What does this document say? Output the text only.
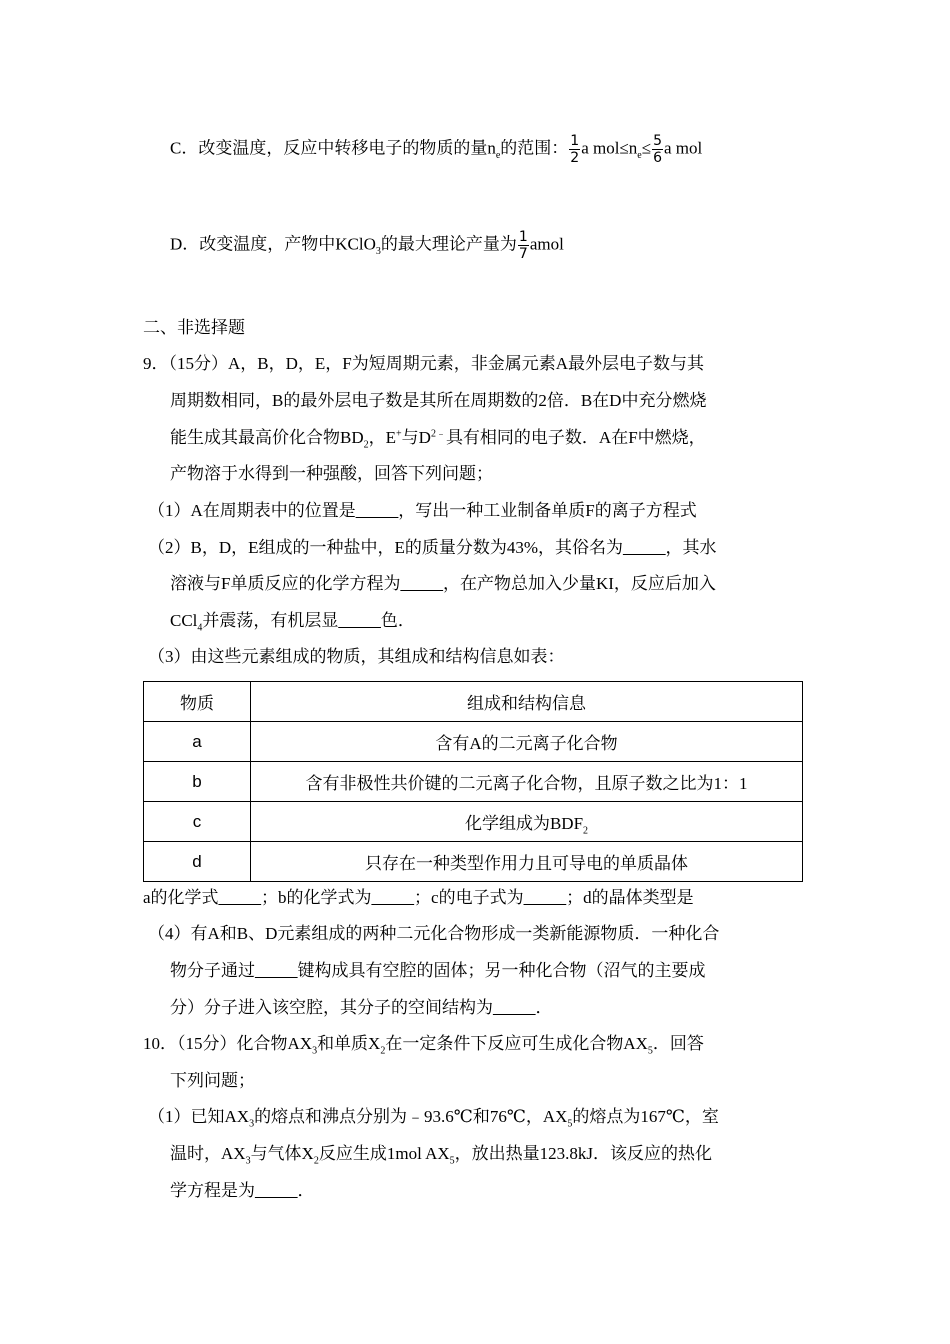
C．改变温度，反应中转移电子的物质的量$n_e$的范围： $\frac{1}{2}$ a $mol\le n_e\le \frac{5}{6}$ a mol
D．改变温度，产物中KClO$_3$的最大理论产量为 $\frac{1}{7}$ amol
二、非选择题
9．（15分）A，B，D，E，F为短周期元素，非金属元素A最外层电子数与其
周期数相同，B的最外层电子数是其所在周期数的2倍．B在D中充分燃烧
能生成其最高价化合物$BD_2$，E+与$D^{2﹣}$具有相同的电子数．A在F中燃烧，
产物溶于水得到一种强酸，回答下列问题；
（1）A在周期表中的位置是_____，写出一种工业制备单质F的离子方程式
（2）B，D，E组成的一种盐中，E的质量分数为43%，其俗名为_____，其水
溶液与F单质反应的化学方程为_____，在产物总加入少量KI，反应后加入
CCl$_4$并震荡，有机层显_____色．
（3）由这些元素组成的物质，其组成和结构信息如表：
物质	组成和结构信息
a	含有A的二元离子化合物
b	含有非极性共价键的二元离子化合物，且原子数之比为1：1
c	化学组成为$BDF_2$
d	只存在一种类型作用力且可导电的单质晶体
a的化学式_____；b的化学式为_____；c的电子式为_____；d的晶体类型是
（4）有A和B、D元素组成的两种二元化合物形成一类新能源物质．一种化合
物分子通过_____键构成具有空腔的固体；另一种化合物（沼气的主要成
分）分子进入该空腔，其分子的空间结构为_____．
10．（15分）化合物$AX_3$和单质$X_2$在一定条件下反应可生成化合物$AX_5$．回答
下列问题；
（1）已知$AX_3$的熔点和沸点分别为﹣93.6℃和76℃，$AX_5$的熔点为167℃，室
温时，$AX_3$与气体$X_2$反应生成1mol $AX_5$，放出热量123.8kJ．该反应的热化
学方程是为_____．
